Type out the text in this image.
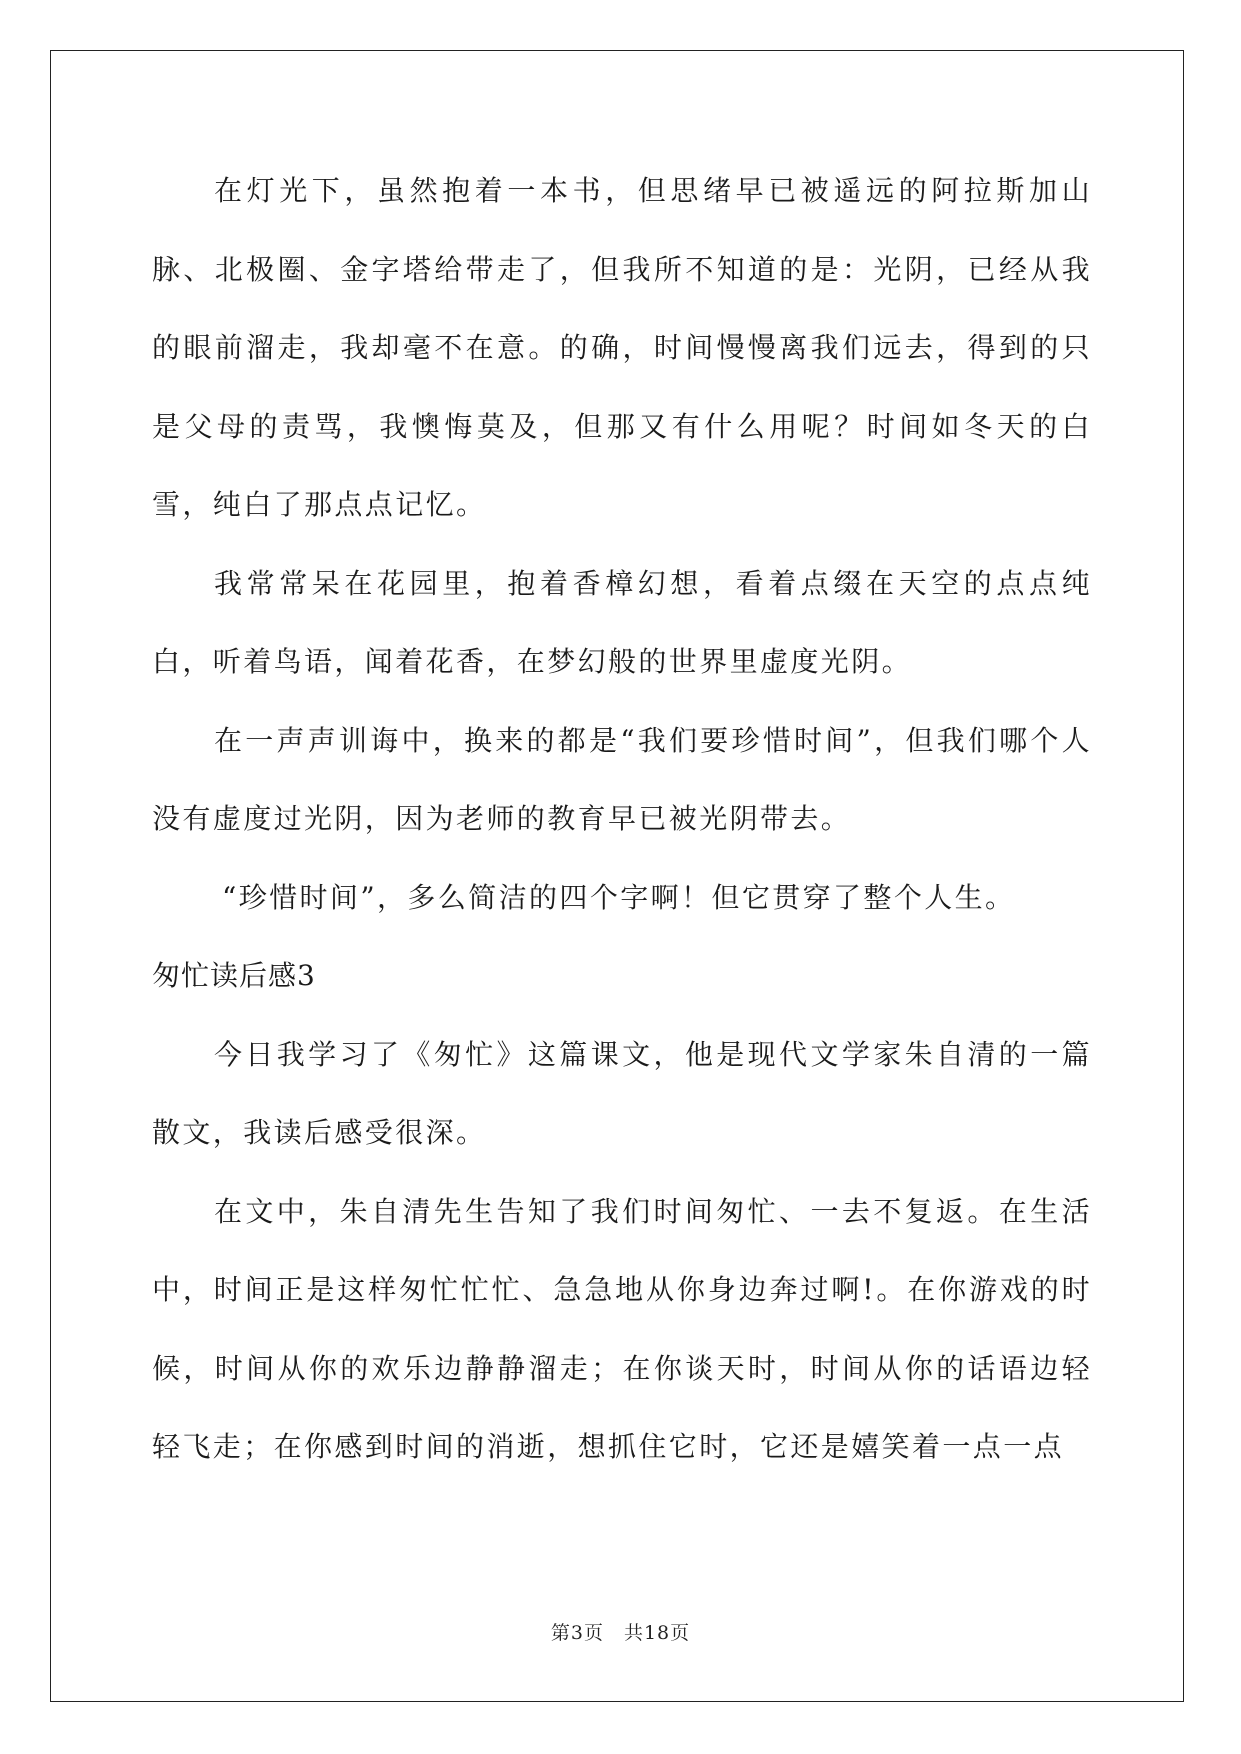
在灯光下，虽然抱着一本书，但思绪早已被遥远的阿拉斯加山脉、北极圈、金字塔给带走了，但我所不知道的是：光阴，已经从我的眼前溜走，我却毫不在意。的确，时间慢慢离我们远去，得到的只是父母的责骂，我懊悔莫及，但那又有什么用呢？时间如冬天的白雪，纯白了那点点记忆。

我常常呆在花园里，抱着香樟幻想，看着点缀在天空的点点纯白，听着鸟语，闻着花香，在梦幻般的世界里虚度光阴。

在一声声训诲中，换来的都是“我们要珍惜时间”，但我们哪个人没有虚度过光阴，因为老师的教育早已被光阴带去。

“珍惜时间”，多么简洁的四个字啊！但它贯穿了整个人生。

匆忙读后感3

今日我学习了《匆忙》这篇课文，他是现代文学家朱自清的一篇散文，我读后感受很深。

在文中，朱自清先生告知了我们时间匆忙、一去不复返。在生活中，时间正是这样匆忙忙忙、急急地从你身边奔过啊!。在你游戏的时候，时间从你的欢乐边静静溜走；在你谈天时，时间从你的话语边轻轻飞走；在你感到时间的消逝，想抓住它时，它还是嬉笑着一点一点

第3页　共18页
